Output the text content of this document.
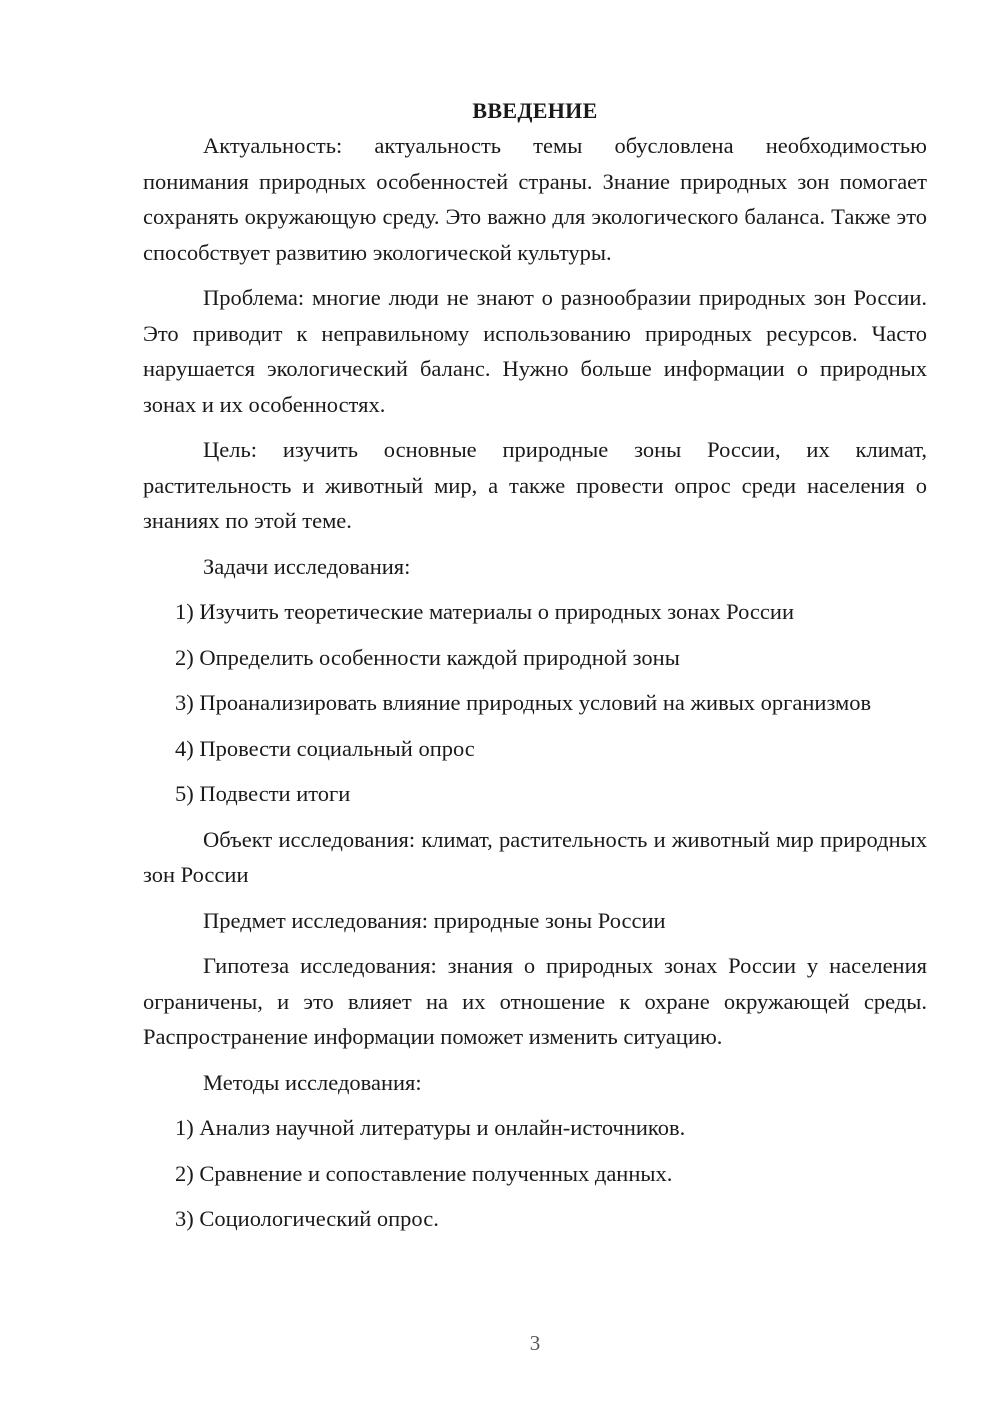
ВВЕДЕНИЕ

Актуальность: актуальность темы обусловлена необходимостью понимания природных особенностей страны. Знание природных зон помогает сохранять окружающую среду. Это важно для экологического баланса. Также это способствует развитию экологической культуры.

Проблема: многие люди не знают о разнообразии природных зон России. Это приводит к неправильному использованию природных ресурсов. Часто нарушается экологический баланс. Нужно больше информации о природных зонах и их особенностях.

Цель: изучить основные природные зоны России, их климат, растительность и животный мир, а также провести опрос среди населения о знаниях по этой теме.

Задачи исследования:

1) Изучить теоретические материалы о природных зонах России

2) Определить особенности каждой природной зоны

3) Проанализировать влияние природных условий на живых организмов

4) Провести социальный опрос

5) Подвести итоги

Объект исследования: климат, растительность и животный мир природных зон России

Предмет исследования: природные зоны России

Гипотеза исследования: знания о природных зонах России у населения ограничены, и это влияет на их отношение к охране окружающей среды. Распространение информации поможет изменить ситуацию.

Методы исследования:

1) Анализ научной литературы и онлайн-источников.

2) Сравнение и сопоставление полученных данных.

3) Социологический опрос.

3
